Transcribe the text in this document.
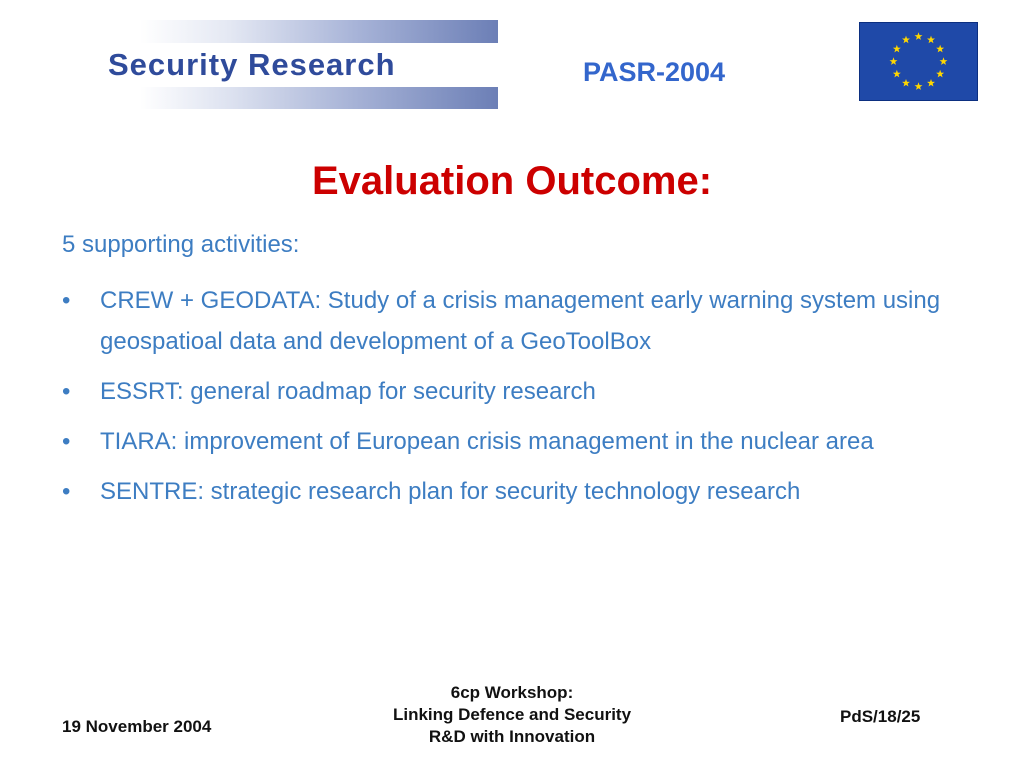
Security Research	PASR-2004
Evaluation Outcome:
5 supporting activities:
•	CREW + GEODATA: Study of a crisis management early warning system using geospatioal data and development of a GeoToolBox
•	ESSRT: general roadmap for security research
•	TIARA: improvement of European crisis management in the nuclear area
•	SENTRE: strategic research plan for security technology research
19 November 2004
6cp Workshop:
Linking Defence and Security
R&D with Innovation
PdS/18/25
